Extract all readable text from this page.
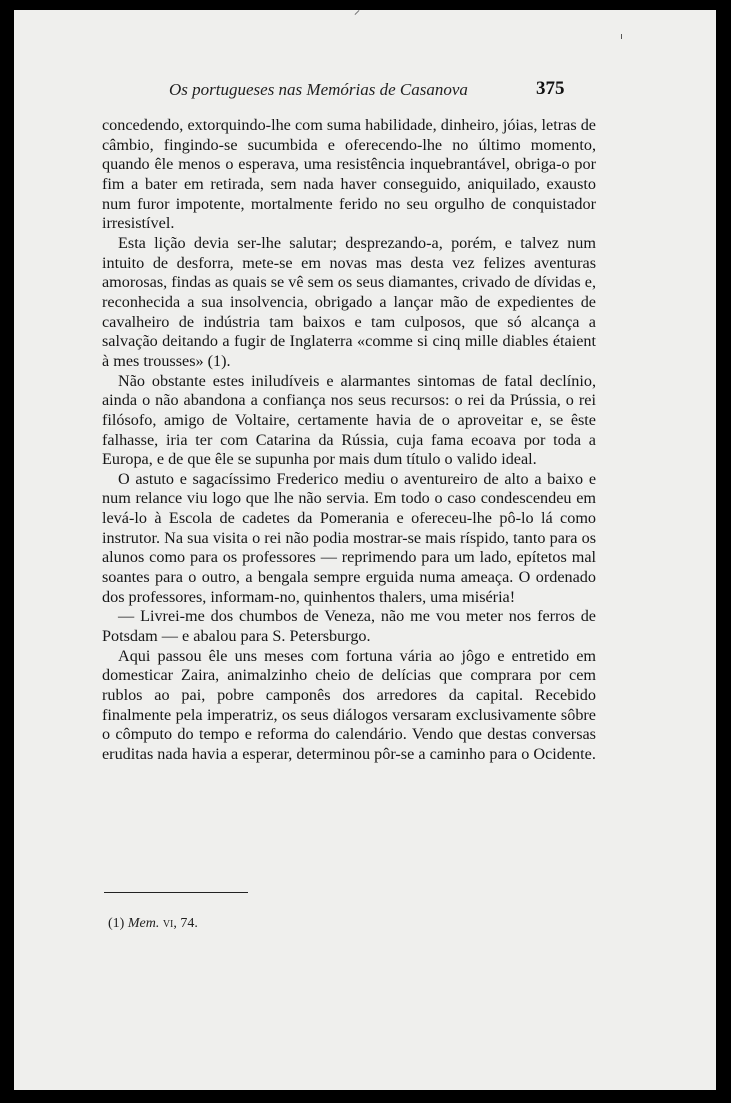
Os portugueses nas Memórias de Casanova	375

concedendo, extorquindo-lhe com suma habilidade, dinheiro, jóias, letras de câmbio, fingindo-se sucumbida e oferecendo-lhe no último momento, quando êle menos o esperava, uma resistência inquebrantável, obriga-o por fim a bater em retirada, sem nada haver conseguido, aniquilado, exausto num furor impotente, mortalmente ferido no seu orgulho de conquistador irresistível.

Esta lição devia ser-lhe salutar; desprezando-a, porém, e talvez num intuito de desforra, mete-se em novas mas desta vez felizes aventuras amorosas, findas as quais se vê sem os seus diamantes, crivado de dívidas e, reconhecida a sua insolvencia, obrigado a lançar mão de expedientes de cavalheiro de indústria tam baixos e tam culposos, que só alcança a salvação deitando a fugir de Inglaterra «comme si cinq mille diables étaient à mes trousses» (1).

Não obstante estes iniludíveis e alarmantes sintomas de fatal declínio, ainda o não abandona a confiança nos seus recursos: o rei da Prússia, o rei filósofo, amigo de Voltaire, certamente havia de o aproveitar e, se êste falhasse, iria ter com Catarina da Rússia, cuja fama ecoava por toda a Europa, e de que êle se supunha por mais dum título o valido ideal.

O astuto e sagacíssimo Frederico mediu o aventureiro de alto a baixo e num relance viu logo que lhe não servia. Em todo o caso condescendeu em levá-lo à Escola de cadetes da Pomerania e ofereceu-lhe pô-lo lá como instrutor. Na sua visita o rei não podia mostrar-se mais ríspido, tanto para os alunos como para os professores — reprimendo para um lado, epítetos mal soantes para o outro, a bengala sempre erguida numa ameaça. O ordenado dos professores, informam-no, quinhentos thalers, uma miséria!

— Livrei-me dos chumbos de Veneza, não me vou meter nos ferros de Potsdam — e abalou para S. Petersburgo.

Aqui passou êle uns meses com fortuna vária ao jôgo e entretido em domesticar Zaira, animalzinho cheio de delícias que comprara por cem rublos ao pai, pobre camponês dos arredores da capital. Recebido finalmente pela imperatriz, os seus diálogos versaram exclusivamente sôbre o cômputo do tempo e reforma do calendário. Vendo que destas conversas eruditas nada havia a esperar, determinou pôr-se a caminho para o Ocidente.

(1) Mem. vi, 74.
